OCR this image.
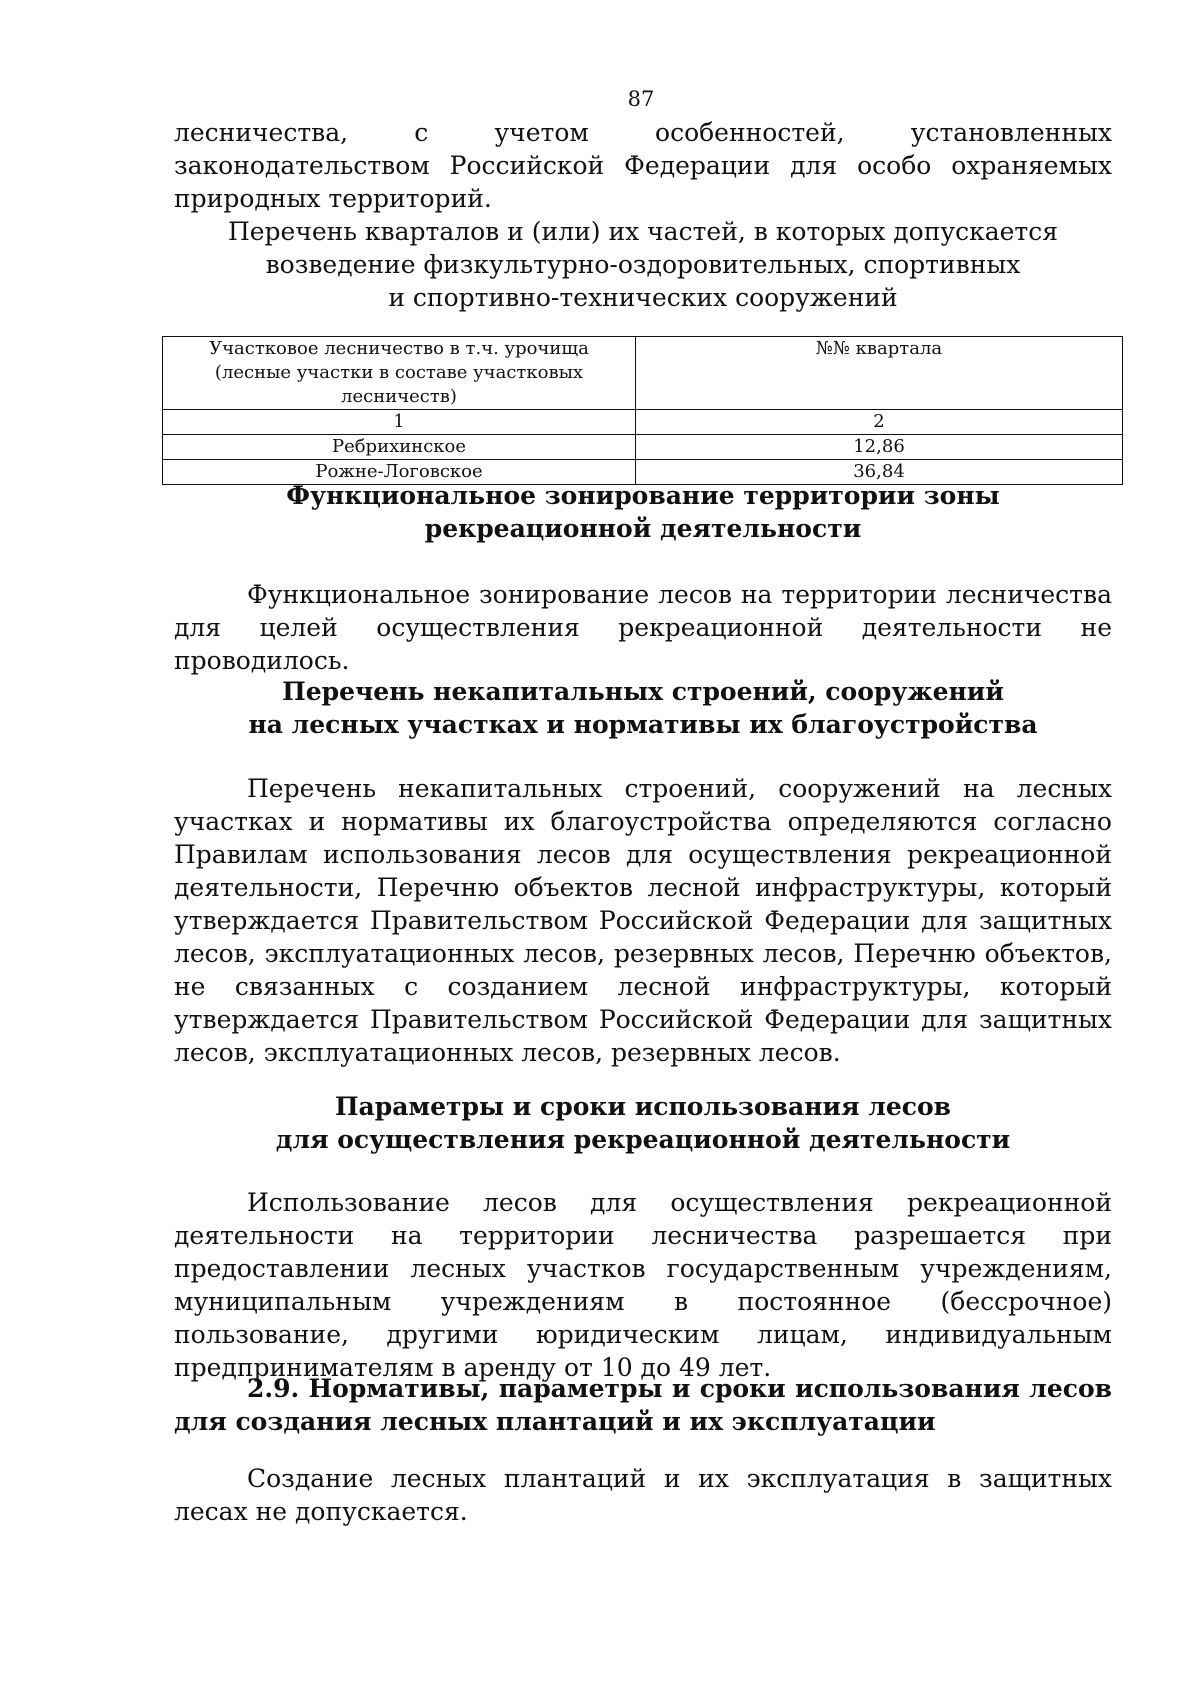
87

лесничества, с учетом особенностей, установленных законодательством Российской Федерации для особо охраняемых природных территорий.

Перечень кварталов и (или) их частей, в которых допускается

возведение физкультурно-оздоровительных, спортивных

и спортивно-технических сооружений

Участковое лесничество в т.ч. урочища (лесные участки в составе участковых лесничеств)	№№ квартала
1	2
Ребрихинское	12,86
Рожне-Логовское	36,84

Функциональное зонирование территории зоны

рекреационной деятельности

Функциональное зонирование лесов на территории лесничества для целей осуществления рекреационной деятельности не проводилось.

Перечень некапитальных строений, сооружений

на лесных участках и нормативы их благоустройства

Перечень некапитальных строений, сооружений на лесных участках и нормативы их благоустройства определяются согласно Правилам использования лесов для осуществления рекреационной деятельности, Перечню объектов лесной инфраструктуры, который утверждается Правительством Российской Федерации для защитных лесов, эксплуатационных лесов, резервных лесов, Перечню объектов, не связанных с созданием лесной инфраструктуры, который утверждается Правительством Российской Федерации для защитных лесов, эксплуатационных лесов, резервных лесов.

Параметры и сроки использования лесов

для осуществления рекреационной деятельности

Использование лесов для осуществления рекреационной деятельности на территории лесничества разрешается при предоставлении лесных участков государственным учреждениям, муниципальным учреждениям в постоянное (бессрочное) пользование, другими юридическим лицам, индивидуальным предпринимателям в аренду от 10 до 49 лет.

2.9. Нормативы, параметры и сроки использования лесов для создания лесных плантаций и их эксплуатации

Создание лесных плантаций и их эксплуатация в защитных лесах не допускается.
